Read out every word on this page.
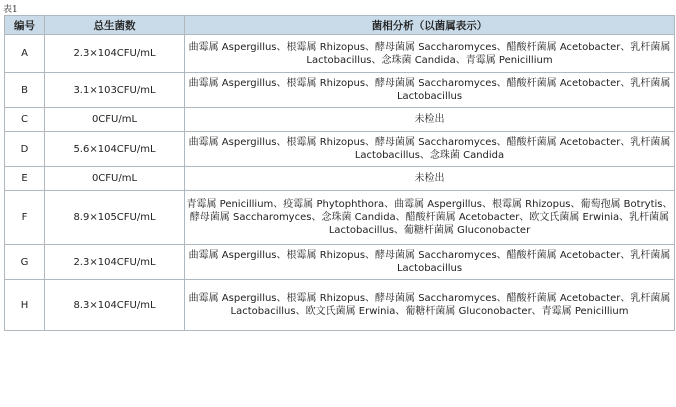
表1
编号	总生菌数	菌相分析（以菌属表示）
A	2.3×104CFU/mL	曲霉属 Aspergillus、根霉属 Rhizopus、酵母菌属 Saccharomyces、醋酸杆菌属 Acetobacter、乳杆菌属 Lactobacillus、念珠菌 Candida、青霉属 Penicillium
B	3.1×103CFU/mL	曲霉属 Aspergillus、根霉属 Rhizopus、酵母菌属 Saccharomyces、醋酸杆菌属 Acetobacter、乳杆菌属 Lactobacillus
C	0CFU/mL	未检出
D	5.6×104CFU/mL	曲霉属 Aspergillus、根霉属 Rhizopus、酵母菌属 Saccharomyces、醋酸杆菌属 Acetobacter、乳杆菌属 Lactobacillus、念珠菌 Candida
E	0CFU/mL	未检出
F	8.9×105CFU/mL	青霉属 Penicillium、疫霉属 Phytophthora、曲霉属 Aspergillus、根霉属 Rhizopus、葡萄孢属 Botrytis、酵母菌属 Saccharomyces、念珠菌 Candida、醋酸杆菌属 Acetobacter、欧文氏菌属 Erwinia、乳杆菌属 Lactobacillus、葡糖杆菌属 Gluconobacter
G	2.3×104CFU/mL	曲霉属 Aspergillus、根霉属 Rhizopus、酵母菌属 Saccharomyces、醋酸杆菌属 Acetobacter、乳杆菌属 Lactobacillus
H	8.3×104CFU/mL	曲霉属 Aspergillus、根霉属 Rhizopus、酵母菌属 Saccharomyces、醋酸杆菌属 Acetobacter、乳杆菌属 Lactobacillus、欧文氏菌属 Erwinia、葡糖杆菌属 Gluconobacter、青霉属 Penicillium
